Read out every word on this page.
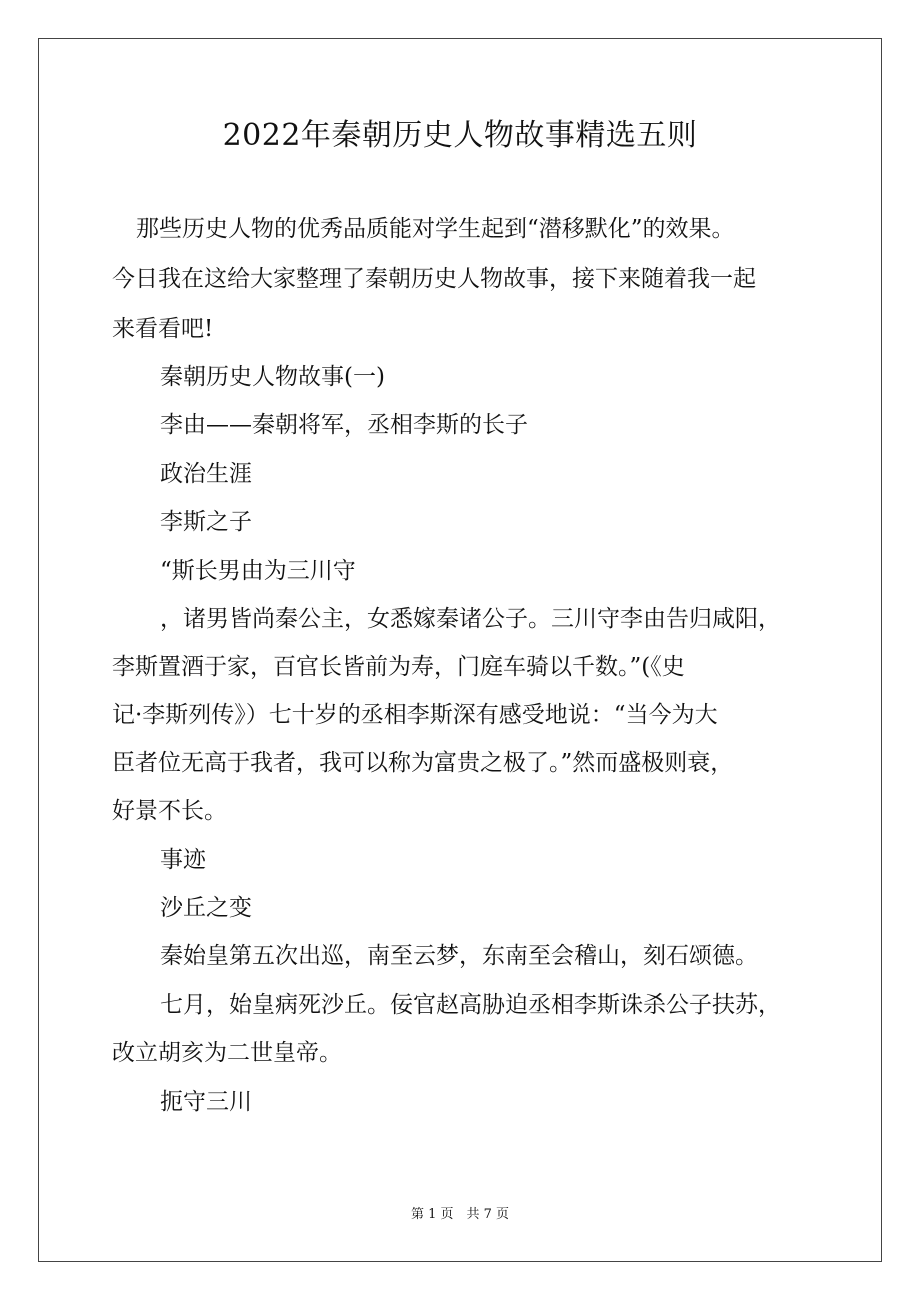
2022年秦朝历史人物故事精选五则
那些历史人物的优秀品质能对学生起到“潜移默化”的效果。
今日我在这给大家整理了秦朝历史人物故事，接下来随着我一起
来看看吧!
秦朝历史人物故事(一)
李由——秦朝将军，丞相李斯的长子
政治生涯
李斯之子
“斯长男由为三川守
，诸男皆尚秦公主，女悉嫁秦诸公子。三川守李由告归咸阳，
李斯置酒于家，百官长皆前为寿，门庭车骑以千数。”(《史
记·李斯列传》）七十岁的丞相李斯深有感受地说：“当今为大
臣者位无高于我者，我可以称为富贵之极了。”然而盛极则衰，
好景不长。
事迹
沙丘之变
秦始皇第五次出巡，南至云梦，东南至会稽山，刻石颂德。
七月，始皇病死沙丘。佞官赵高胁迫丞相李斯诛杀公子扶苏，
改立胡亥为二世皇帝。
扼守三川
第 1 页　共 7 页
